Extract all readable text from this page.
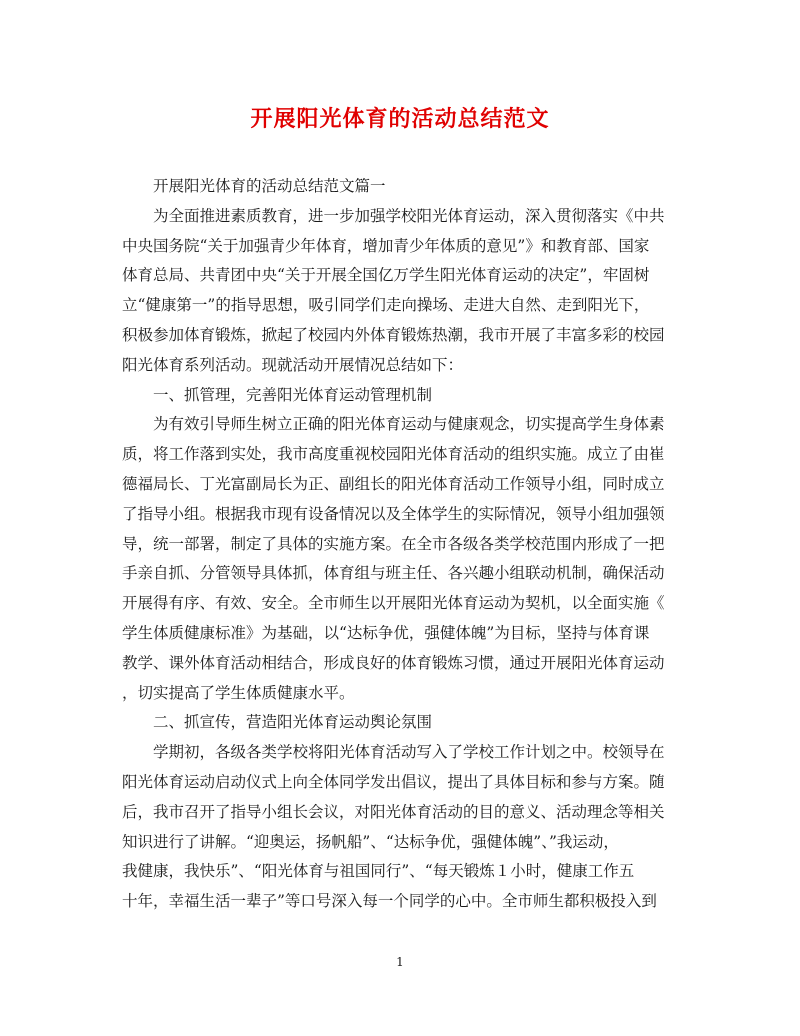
开展阳光体育的活动总结范文
开展阳光体育的活动总结范文篇一
为全面推进素质教育，进一步加强学校阳光体育运动，深入贯彻落实《中共
中央国务院“关于加强青少年体育，增加青少年体质的意见”》和教育部、国家
体育总局、共青团中央“关于开展全国亿万学生阳光体育运动的决定”，牢固树
立“健康第一”的指导思想，吸引同学们走向操场、走进大自然、走到阳光下，
积极参加体育锻炼，掀起了校园内外体育锻炼热潮，我市开展了丰富多彩的校园
阳光体育系列活动。现就活动开展情况总结如下：
一、抓管理，完善阳光体育运动管理机制
为有效引导师生树立正确的阳光体育运动与健康观念，切实提高学生身体素
质，将工作落到实处，我市高度重视校园阳光体育活动的组织实施。成立了由崔
德福局长、丁光富副局长为正、副组长的阳光体育活动工作领导小组，同时成立
了指导小组。根据我市现有设备情况以及全体学生的实际情况，领导小组加强领
导，统一部署，制定了具体的实施方案。在全市各级各类学校范围内形成了一把
手亲自抓、分管领导具体抓，体育组与班主任、各兴趣小组联动机制，确保活动
开展得有序、有效、安全。全市师生以开展阳光体育运动为契机，以全面实施《
学生体质健康标准》为基础，以“达标争优，强健体魄”为目标，坚持与体育课
教学、课外体育活动相结合，形成良好的体育锻炼习惯，通过开展阳光体育运动
，切实提高了学生体质健康水平。
二、抓宣传，营造阳光体育运动舆论氛围
学期初，各级各类学校将阳光体育活动写入了学校工作计划之中。校领导在
阳光体育运动启动仪式上向全体同学发出倡议，提出了具体目标和参与方案。随
后，我市召开了指导小组长会议，对阳光体育活动的目的意义、活动理念等相关
知识进行了讲解。“迎奥运，扬帆船”、“达标争优，强健体魄”、”我运动，
我健康，我快乐”、“阳光体育与祖国同行”、“每天锻炼１小时，健康工作五
十年，幸福生活一辈子”等口号深入每一个同学的心中。全市师生都积极投入到
1
